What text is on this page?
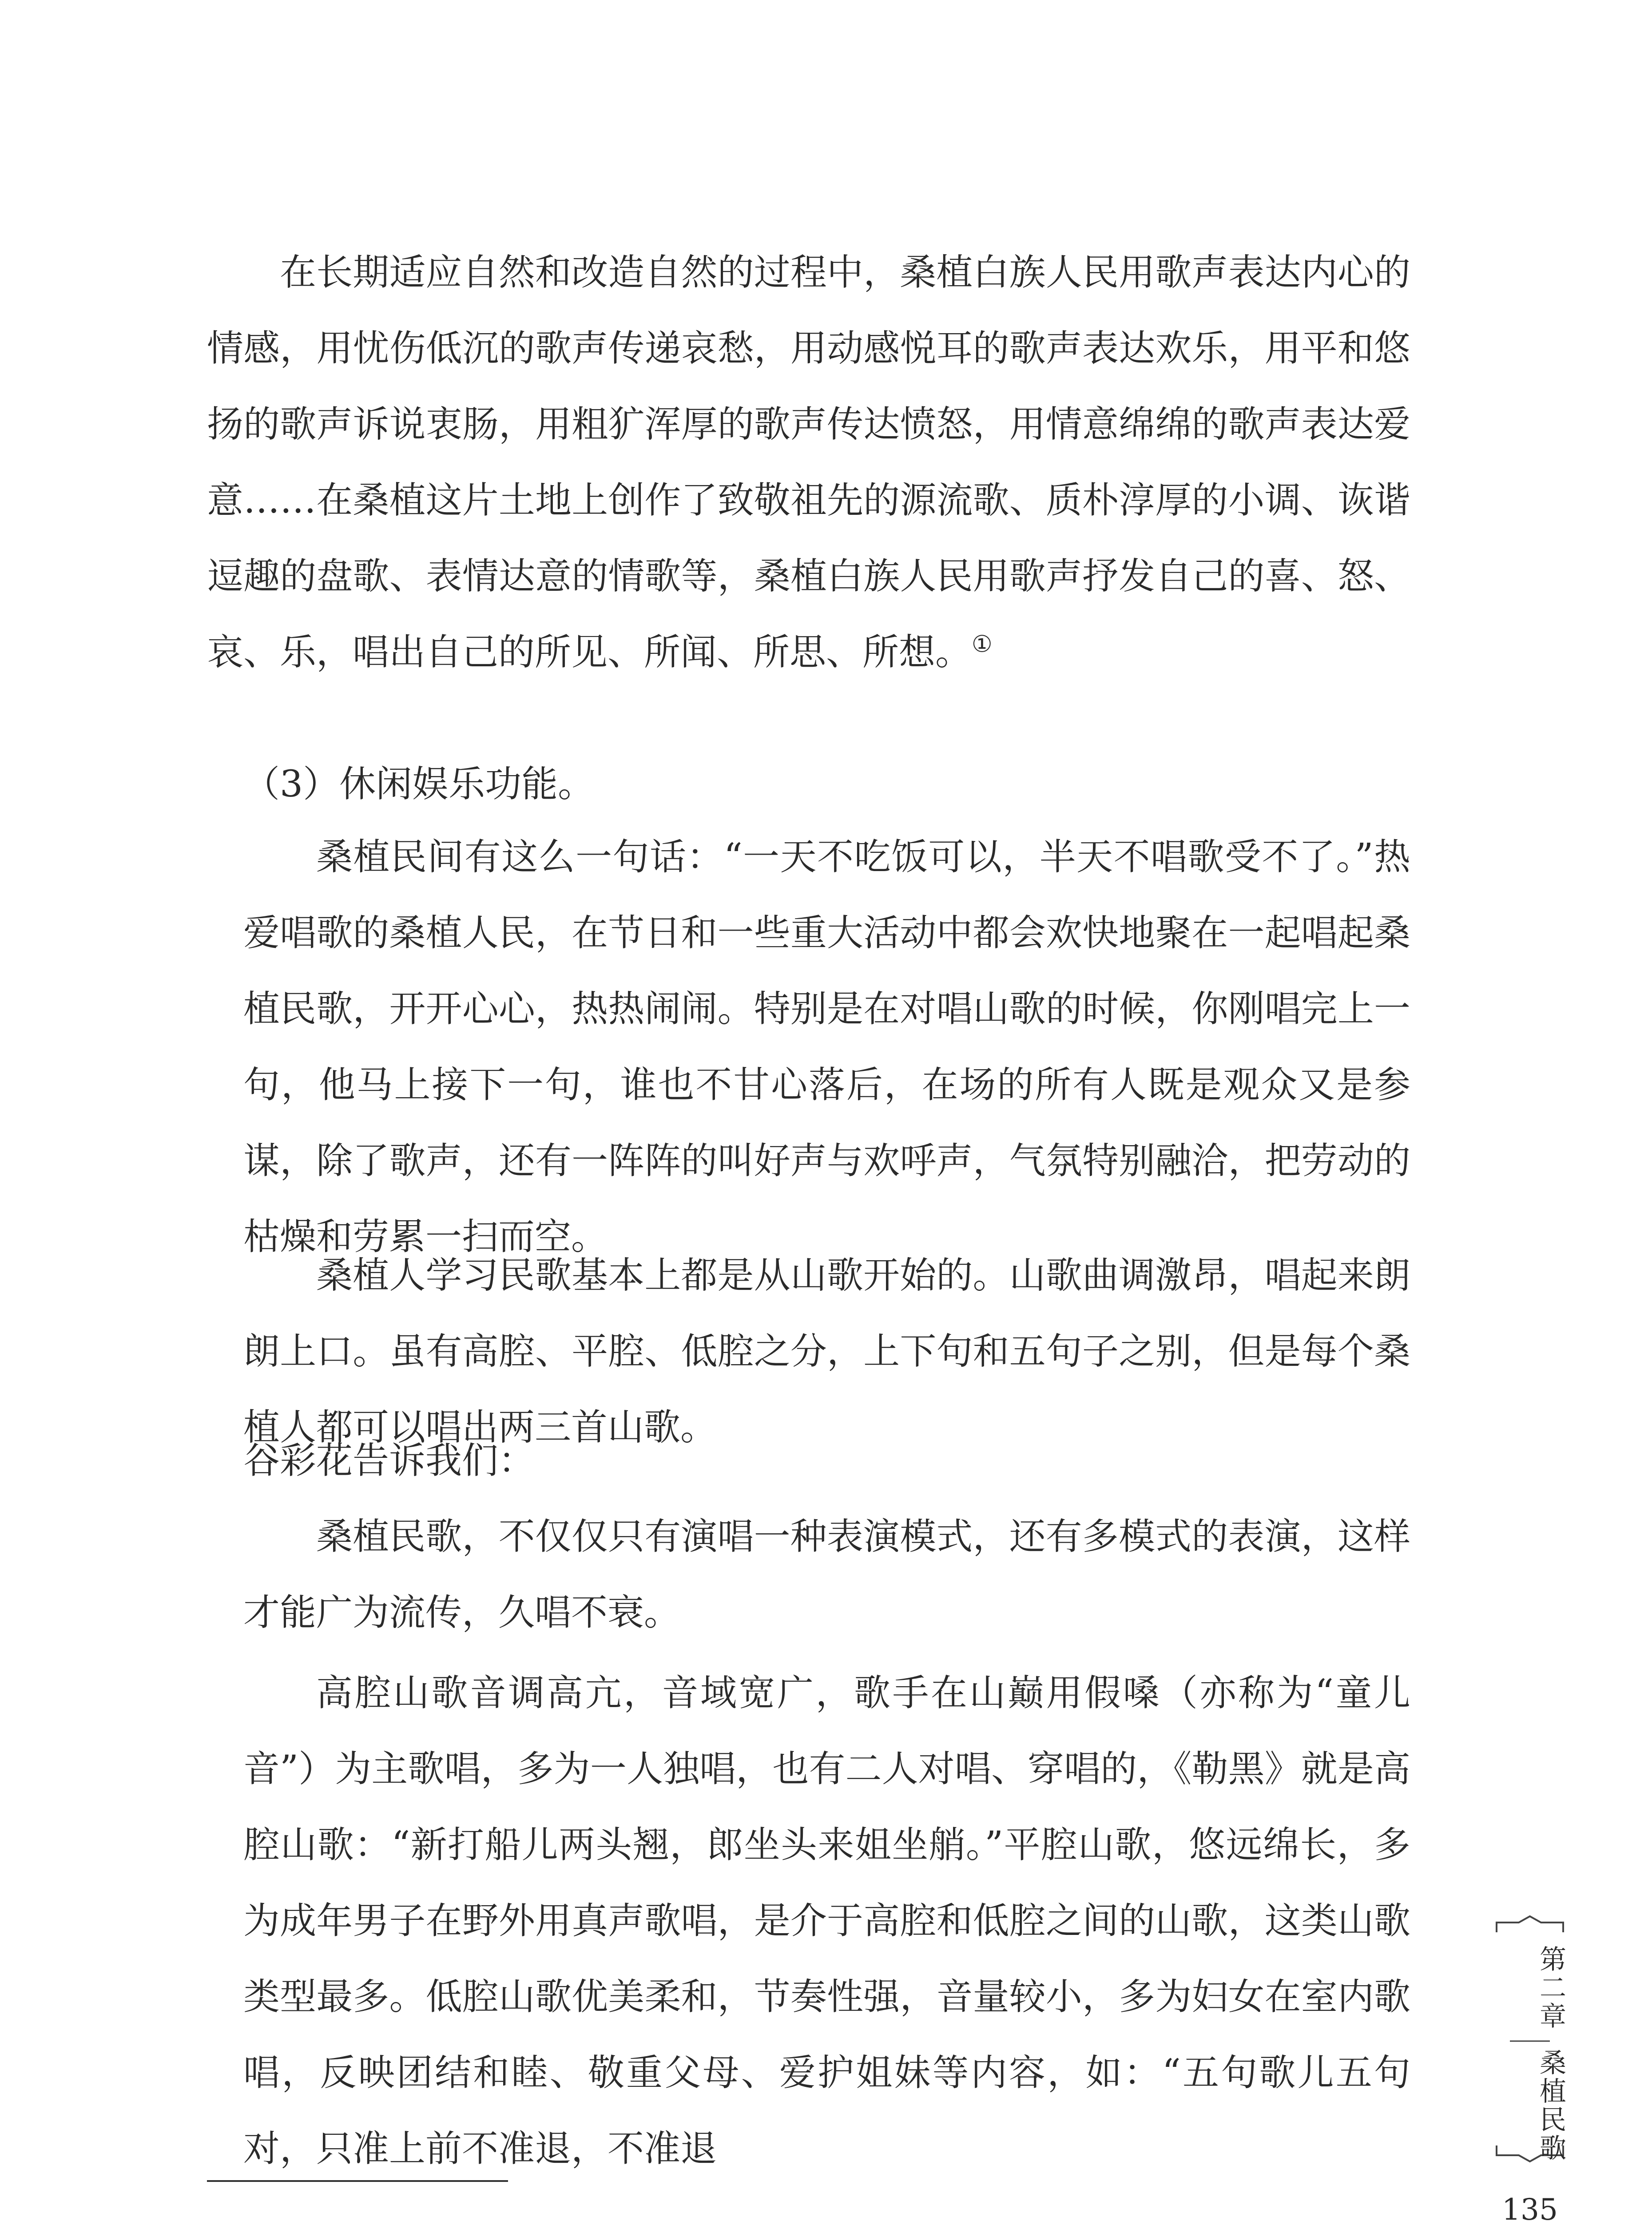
在长期适应自然和改造自然的过程中，桑植白族人民用歌声表达内心的情感，用忧伤低沉的歌声传递哀愁，用动感悦耳的歌声表达欢乐，用平和悠扬的歌声诉说衷肠，用粗犷浑厚的歌声传达愤怒，用情意绵绵的歌声表达爱意……在桑植这片土地上创作了致敬祖先的源流歌、质朴淳厚的小调、诙谐逗趣的盘歌、表情达意的情歌等，桑植白族人民用歌声抒发自己的喜、怒、哀、乐，唱出自己的所见、所闻、所思、所想。①

（3）休闲娱乐功能。

桑植民间有这么一句话：“一天不吃饭可以，半天不唱歌受不了。”热爱唱歌的桑植人民，在节日和一些重大活动中都会欢快地聚在一起唱起桑植民歌，开开心心，热热闹闹。特别是在对唱山歌的时候，你刚唱完上一句，他马上接下一句，谁也不甘心落后，在场的所有人既是观众又是参谋，除了歌声，还有一阵阵的叫好声与欢呼声，气氛特别融洽，把劳动的枯燥和劳累一扫而空。

桑植人学习民歌基本上都是从山歌开始的。山歌曲调激昂，唱起来朗朗上口。虽有高腔、平腔、低腔之分，上下句和五句子之别，但是每个桑植人都可以唱出两三首山歌。

谷彩花告诉我们：

桑植民歌，不仅仅只有演唱一种表演模式，还有多模式的表演，这样才能广为流传，久唱不衰。

高腔山歌音调高亢，音域宽广，歌手在山巅用假嗓（亦称为“童儿音”）为主歌唱，多为一人独唱，也有二人对唱、穿唱的，《勒黑》就是高腔山歌：“新打船儿两头翘，郎坐头来姐坐艄。”平腔山歌，悠远绵长，多为成年男子在野外用真声歌唱，是介于高腔和低腔之间的山歌，这类山歌类型最多。低腔山歌优美柔和，节奏性强，音量较小，多为妇女在室内歌唱，反映团结和睦、敬重父母、爱护姐妹等内容，如：“五句歌儿五句对，只准上前不准退，不准退

第二章
桑植民歌
135
